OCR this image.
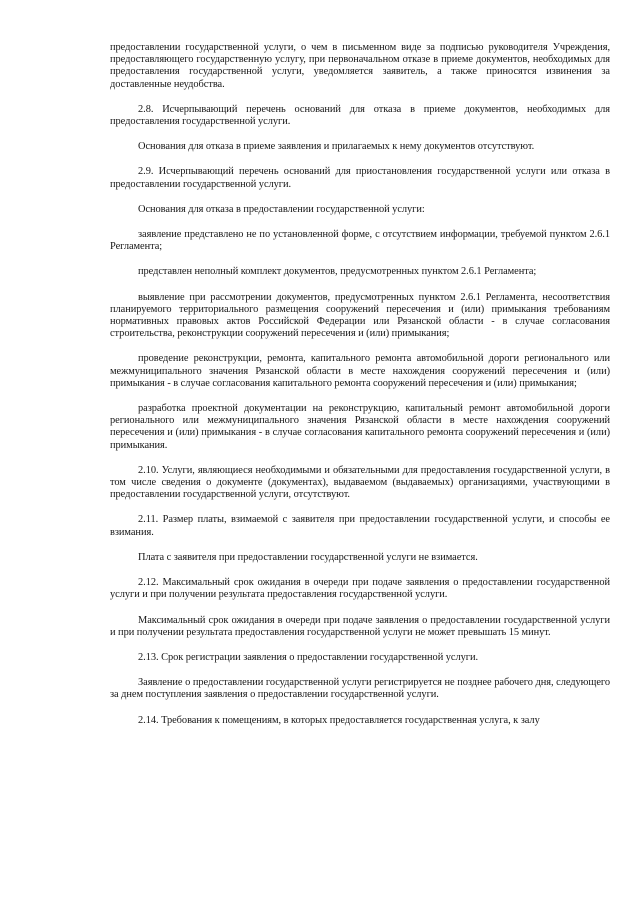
предоставлении государственной услуги, о чем в письменном виде за подписью руководителя Учреждения, предоставляющего государственную услугу, при первоначальном отказе в приеме документов, необходимых для предоставления государственной услуги, уведомляется заявитель, а также приносятся извинения за доставленные неудобства.

2.8. Исчерпывающий перечень оснований для отказа в приеме документов, необходимых для предоставления государственной услуги.

Основания для отказа в приеме заявления и прилагаемых к нему документов отсутствуют.

2.9. Исчерпывающий перечень оснований для приостановления государственной услуги или отказа в предоставлении государственной услуги.

Основания для отказа в предоставлении государственной услуги:

заявление представлено не по установленной форме, с отсутствием информации, требуемой пунктом 2.6.1 Регламента;

представлен неполный комплект документов, предусмотренных пунктом 2.6.1 Регламента;

выявление при рассмотрении документов, предусмотренных пунктом 2.6.1 Регламента, несоответствия планируемого территориального размещения сооружений пересечения и (или) примыкания требованиям нормативных правовых актов Российской Федерации или Рязанской области - в случае согласования строительства, реконструкции сооружений пересечения и (или) примыкания;

проведение реконструкции, ремонта, капитального ремонта автомобильной дороги регионального или межмуниципального значения Рязанской области в месте нахождения сооружений пересечения и (или) примыкания - в случае согласования капитального ремонта сооружений пересечения и (или) примыкания;

разработка проектной документации на реконструкцию, капитальный ремонт автомобильной дороги регионального или межмуниципального значения Рязанской области в месте нахождения сооружений пересечения и (или) примыкания - в случае согласования капитального ремонта сооружений пересечения и (или) примыкания.

2.10. Услуги, являющиеся необходимыми и обязательными для предоставления государственной услуги, в том числе сведения о документе (документах), выдаваемом (выдаваемых) организациями, участвующими в предоставлении государственной услуги, отсутствуют.

2.11. Размер платы, взимаемой с заявителя при предоставлении государственной услуги, и способы ее взимания.

Плата с заявителя при предоставлении государственной услуги не взимается.

2.12. Максимальный срок ожидания в очереди при подаче заявления о предоставлении государственной услуги и при получении результата предоставления государственной услуги.

Максимальный срок ожидания в очереди при подаче заявления о предоставлении государственной услуги и при получении результата предоставления государственной услуги не может превышать 15 минут.

2.13. Срок регистрации заявления о предоставлении государственной услуги.

Заявление о предоставлении государственной услуги регистрируется не позднее рабочего дня, следующего за днем поступления заявления о предоставлении государственной услуги.

2.14. Требования к помещениям, в которых предоставляется государственная услуга, к залу
